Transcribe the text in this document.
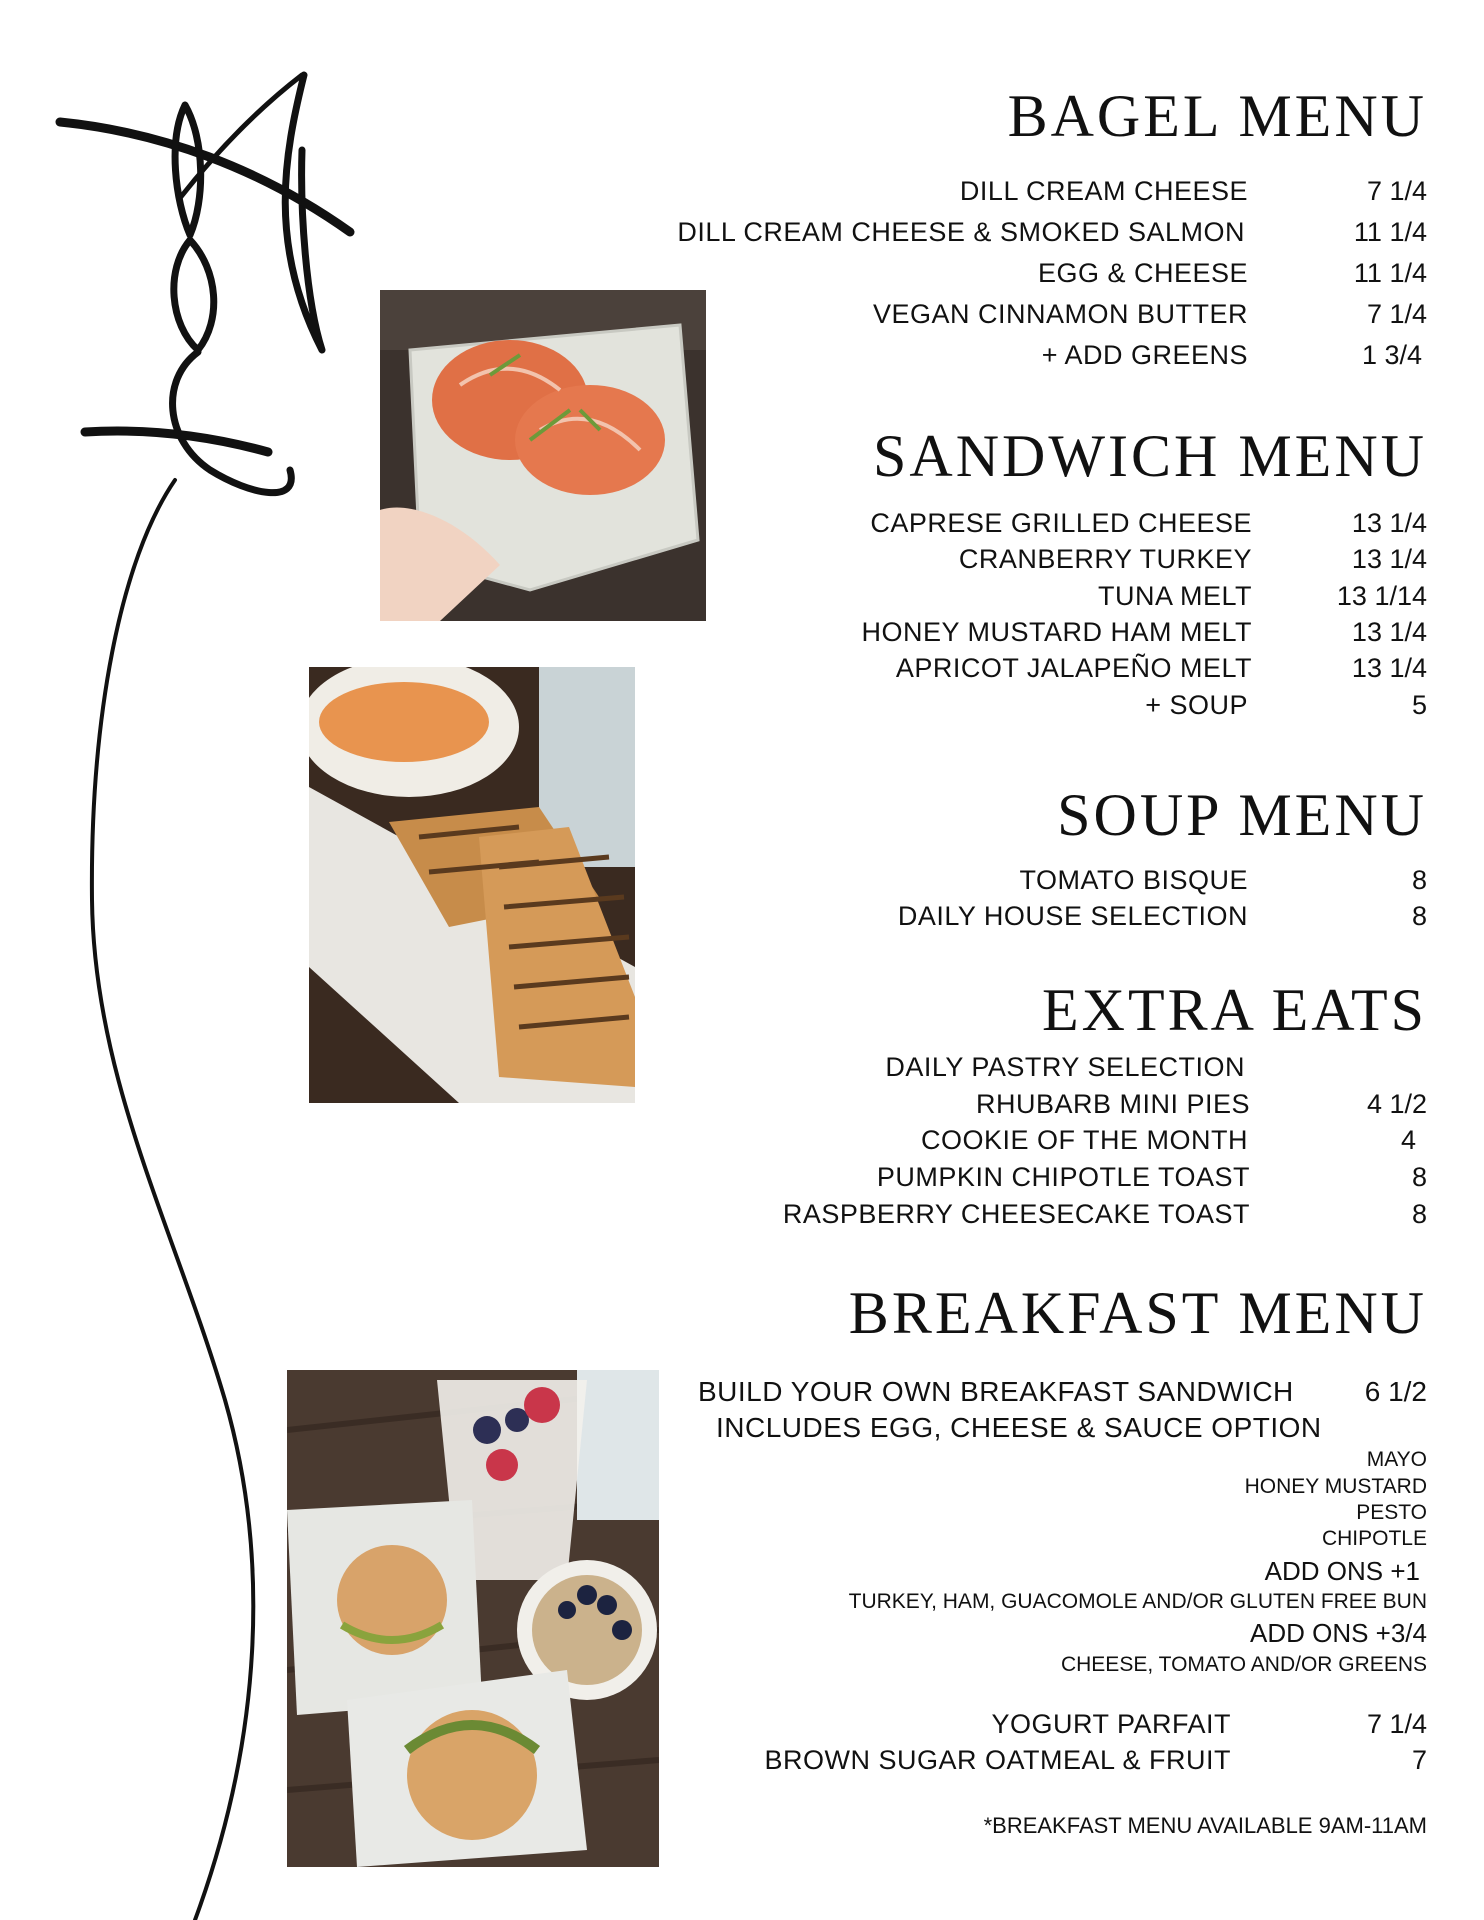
food
BAGEL MENU
DILL CREAM CHEESE	7 1/4
DILL CREAM CHEESE & SMOKED SALMON	11 1/4
EGG & CHEESE	11 1/4
VEGAN CINNAMON BUTTER	7 1/4
+ ADD GREENS	1 3/4
SANDWICH MENU
CAPRESE GRILLED CHEESE	13 1/4
CRANBERRY TURKEY	13 1/4
TUNA MELT	13 1/14
HONEY MUSTARD HAM MELT	13 1/4
APRICOT JALAPEÑO MELT	13 1/4
+ SOUP	5
SOUP MENU
TOMATO BISQUE	8
DAILY HOUSE SELECTION	8
EXTRA EATS
DAILY PASTRY SELECTION
RHUBARB MINI PIES	4 1/2
COOKIE OF THE MONTH	4
PUMPKIN CHIPOTLE TOAST	8
RASPBERRY CHEESECAKE TOAST	8
BREAKFAST MENU
BUILD YOUR OWN BREAKFAST SANDWICH	6 1/2
INCLUDES EGG, CHEESE & SAUCE OPTION
MAYO
HONEY MUSTARD
PESTO
CHIPOTLE
ADD ONS +1
TURKEY, HAM, GUACOMOLE AND/OR GLUTEN FREE BUN
ADD ONS +3/4
CHEESE, TOMATO AND/OR GREENS
YOGURT PARFAIT	7 1/4
BROWN SUGAR OATMEAL & FRUIT	7
*BREAKFAST MENU AVAILABLE 9AM-11AM
